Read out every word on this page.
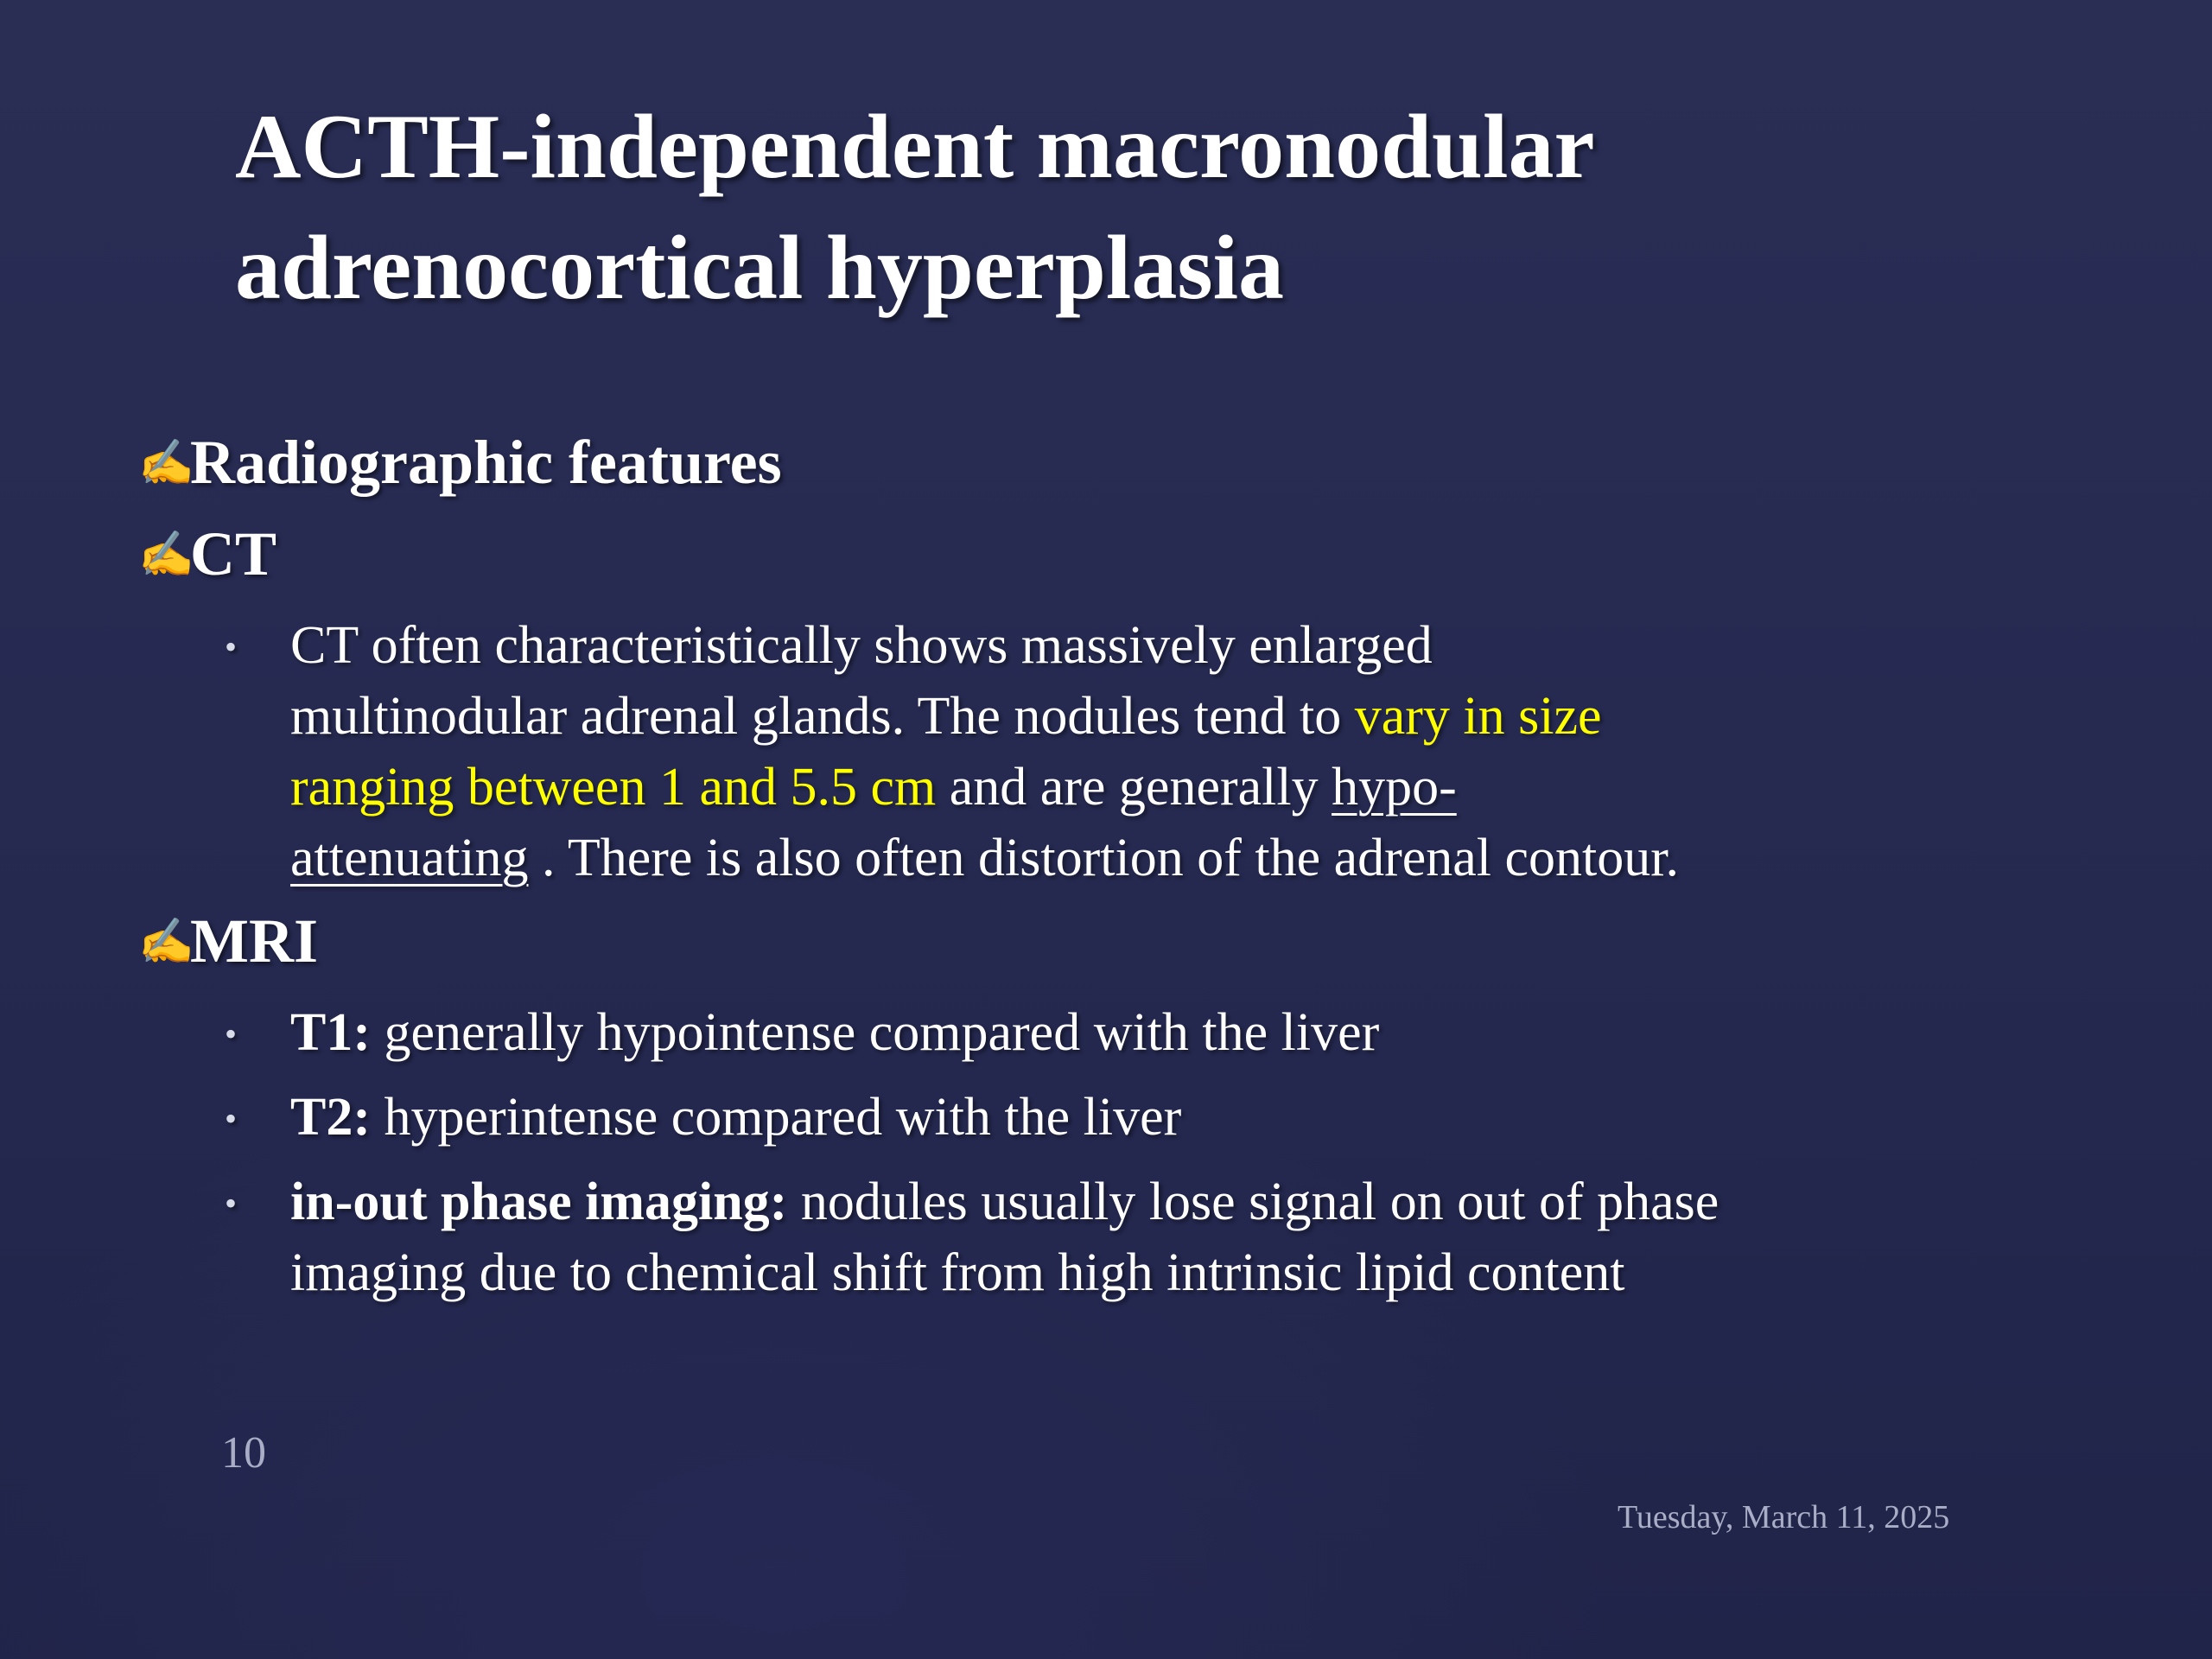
ACTH-independent macronodular
adrenocortical hyperplasia
✍
Radiographic features
✍
CT
• CT often characteristically shows massively enlarged
multinodular adrenal glands. The nodules tend to vary in size
ranging between 1 and 5.5 cm and are generally hypo-
attenuating . There is also often distortion of the adrenal contour.
✍
MRI
• T1: generally hypointense compared with the liver
• T2: hyperintense compared with the liver
• in-out phase imaging: nodules usually lose signal on out of phase
imaging due to chemical shift from high intrinsic lipid content
10
Tuesday, March 11, 2025
